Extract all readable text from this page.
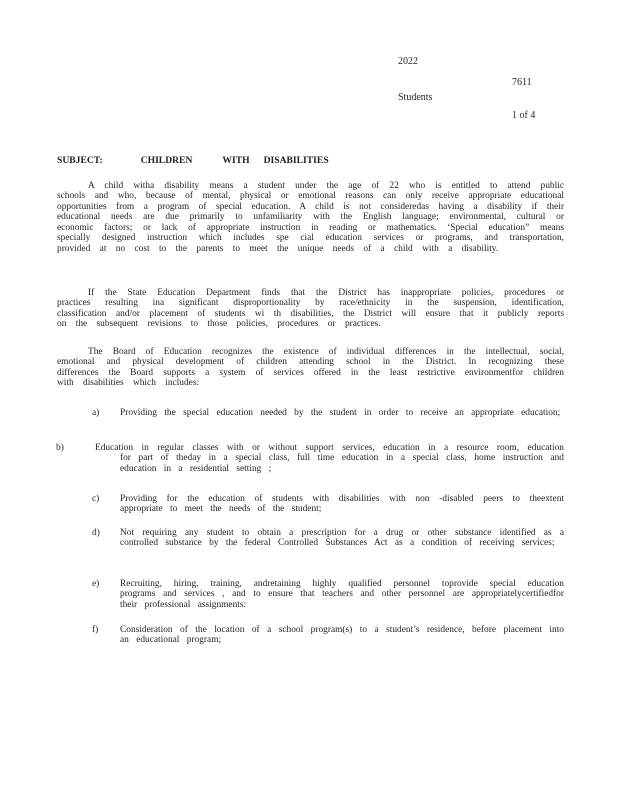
2022

7611

1 of 4

Students
SUBJECT:	CHILDREN	WITH DISABILITIES
A child witha disability means a student under the age of 22 who is entitled to attend public schools and who, because of mental, physical or emotional reasons can only receive appropriate educational opportunities from a program of special education. A child is not consideredas having a disability if their educational needs are due primarily to unfamiliarity with the English language; environmental, cultural or economic factors; or lack of appropriate instruction in reading or mathematics. ‘Special education” means specially designed instruction which includes spe cial education services or programs, and transportation, provided at no cost to the parents to meet the unique needs of a child with a disability.
If the State Education Department finds that the District has inappropriate policies, procedures or practices resulting ina significant disproportionality by race/ethnicity in the suspension, identification, classification and/or placement of students wi th disabilities, the District will ensure that it publicly reports on the subsequent revisions to those policies, procedures or practices.
The Board of Education recognizes the existence of individual differences in the intellectual, social, emotional and physical development of children attending school in the District. In recognizing these differences the Board supports a system of services offered in the least restrictive environmentfor children with disabilities which includes:
a) Providing the special education needed by the student in order to receive an appropriate education;
b)	Education in regular classes with or without support services, education in a resource room, education for part of theday in a special class, full time education in a special class, home instruction and education in a residential setting ;
c) Providing for the education of students with disabilities with non -disabled peers to theextent appropriate to meet the needs of the student;
d) Not requiring any student to obtain a prescription for a drug or other substance identified as a controlled substance by the federal Controlled Substances Act as a condition of receiving services;
e) Recruiting, hiring, training, andretaining highly qualified personnel toprovide special education programs and services , and to ensure that teachers and other personnel are appropriatelycertifiedfor their professional assignments:
f) Consideration of the location of a school program(s) to a student’s residence, before placement into an educational program;
